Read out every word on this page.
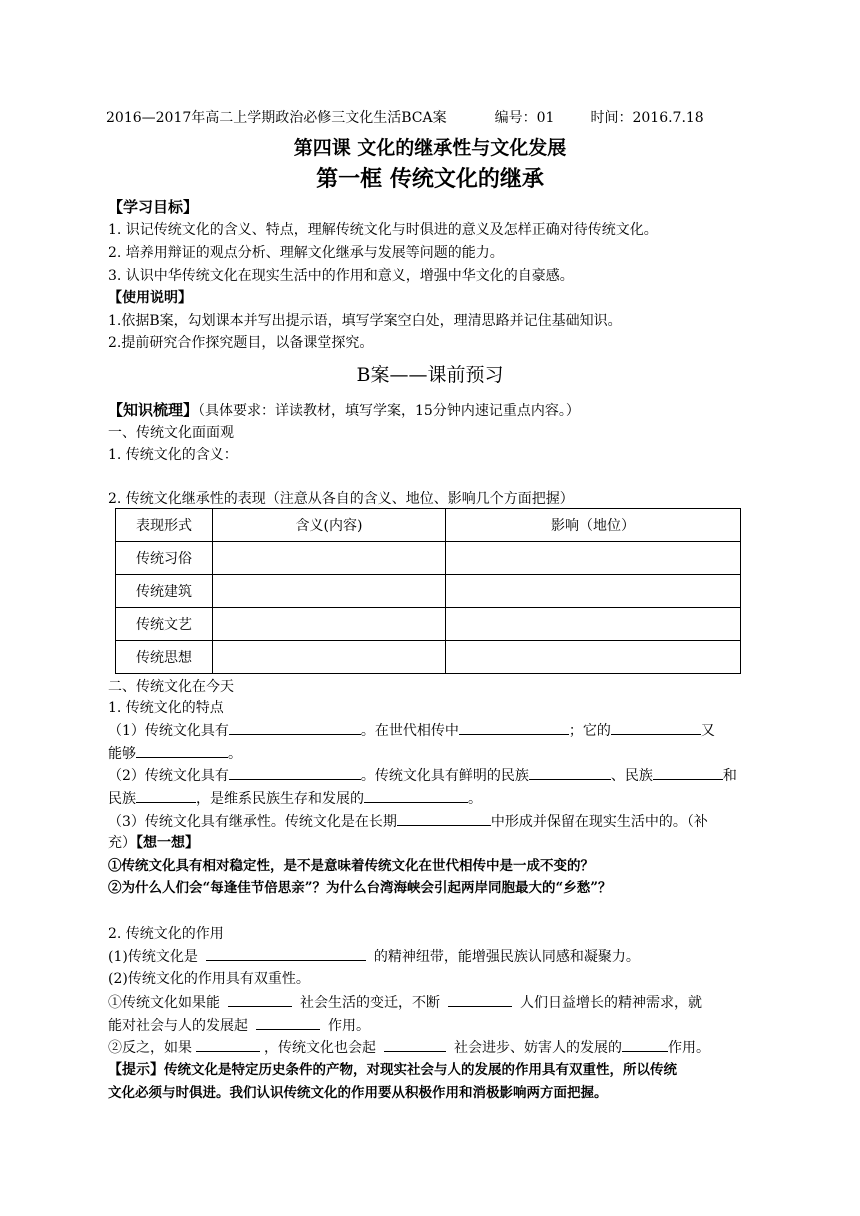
2016—2017年高二上学期政治必修三文化生活BCA案	编号：01	时间：2016.7.18
第四课 文化的继承性与文化发展
第一框 传统文化的继承
【学习目标】
1. 识记传统文化的含义、特点，理解传统文化与时俱进的意义及怎样正确对待传统文化。
2. 培养用辩证的观点分析、理解文化继承与发展等问题的能力。
3. 认识中华传统文化在现实生活中的作用和意义，增强中华文化的自豪感。
【使用说明】
1.依据B案，勾划课本并写出提示语，填写学案空白处，理清思路并记住基础知识。
2.提前研究合作探究题目，以备课堂探究。
B案——课前预习
【知识梳理】（具体要求：详读教材，填写学案，15分钟内速记重点内容。）
一、传统文化面面观
1. 传统文化的含义：
2. 传统文化继承性的表现（注意从各自的含义、地位、影响几个方面把握）
表现形式	含义(内容)	影响（地位）
传统习俗		
传统建筑		
传统文艺		
传统思想		
二、传统文化在今天
1. 传统文化的特点
（1）传统文化具有	。在世代相传中	；它的	又
能够	。
（2）传统文化具有	。传统文化具有鲜明的民族	、民族	和
民族	，是维系民族生存和发展的	。
（3）传统文化具有继承性。传统文化是在长期	中形成并保留在现实生活中的。（补
充）【想一想】
①传统文化具有相对稳定性，是不是意味着传统文化在世代相传中是一成不变的？
②为什么人们会“每逢佳节倍思亲”？为什么台湾海峡会引起两岸同胞最大的“乡愁”？
2. 传统文化的作用
(1)传统文化是	的精神纽带，能增强民族认同感和凝聚力。
(2)传统文化的作用具有双重性。
①传统文化如果能	社会生活的变迁，不断	人们日益增长的精神需求，就
能对社会与人的发展起	作用。
②反之，如果	，传统文化也会起	社会进步、妨害人的发展的	作用。
【提示】传统文化是特定历史条件的产物，对现实社会与人的发展的作用具有双重性，所以传统
文化必须与时俱进。我们认识传统文化的作用要从积极作用和消极影响两方面把握。
